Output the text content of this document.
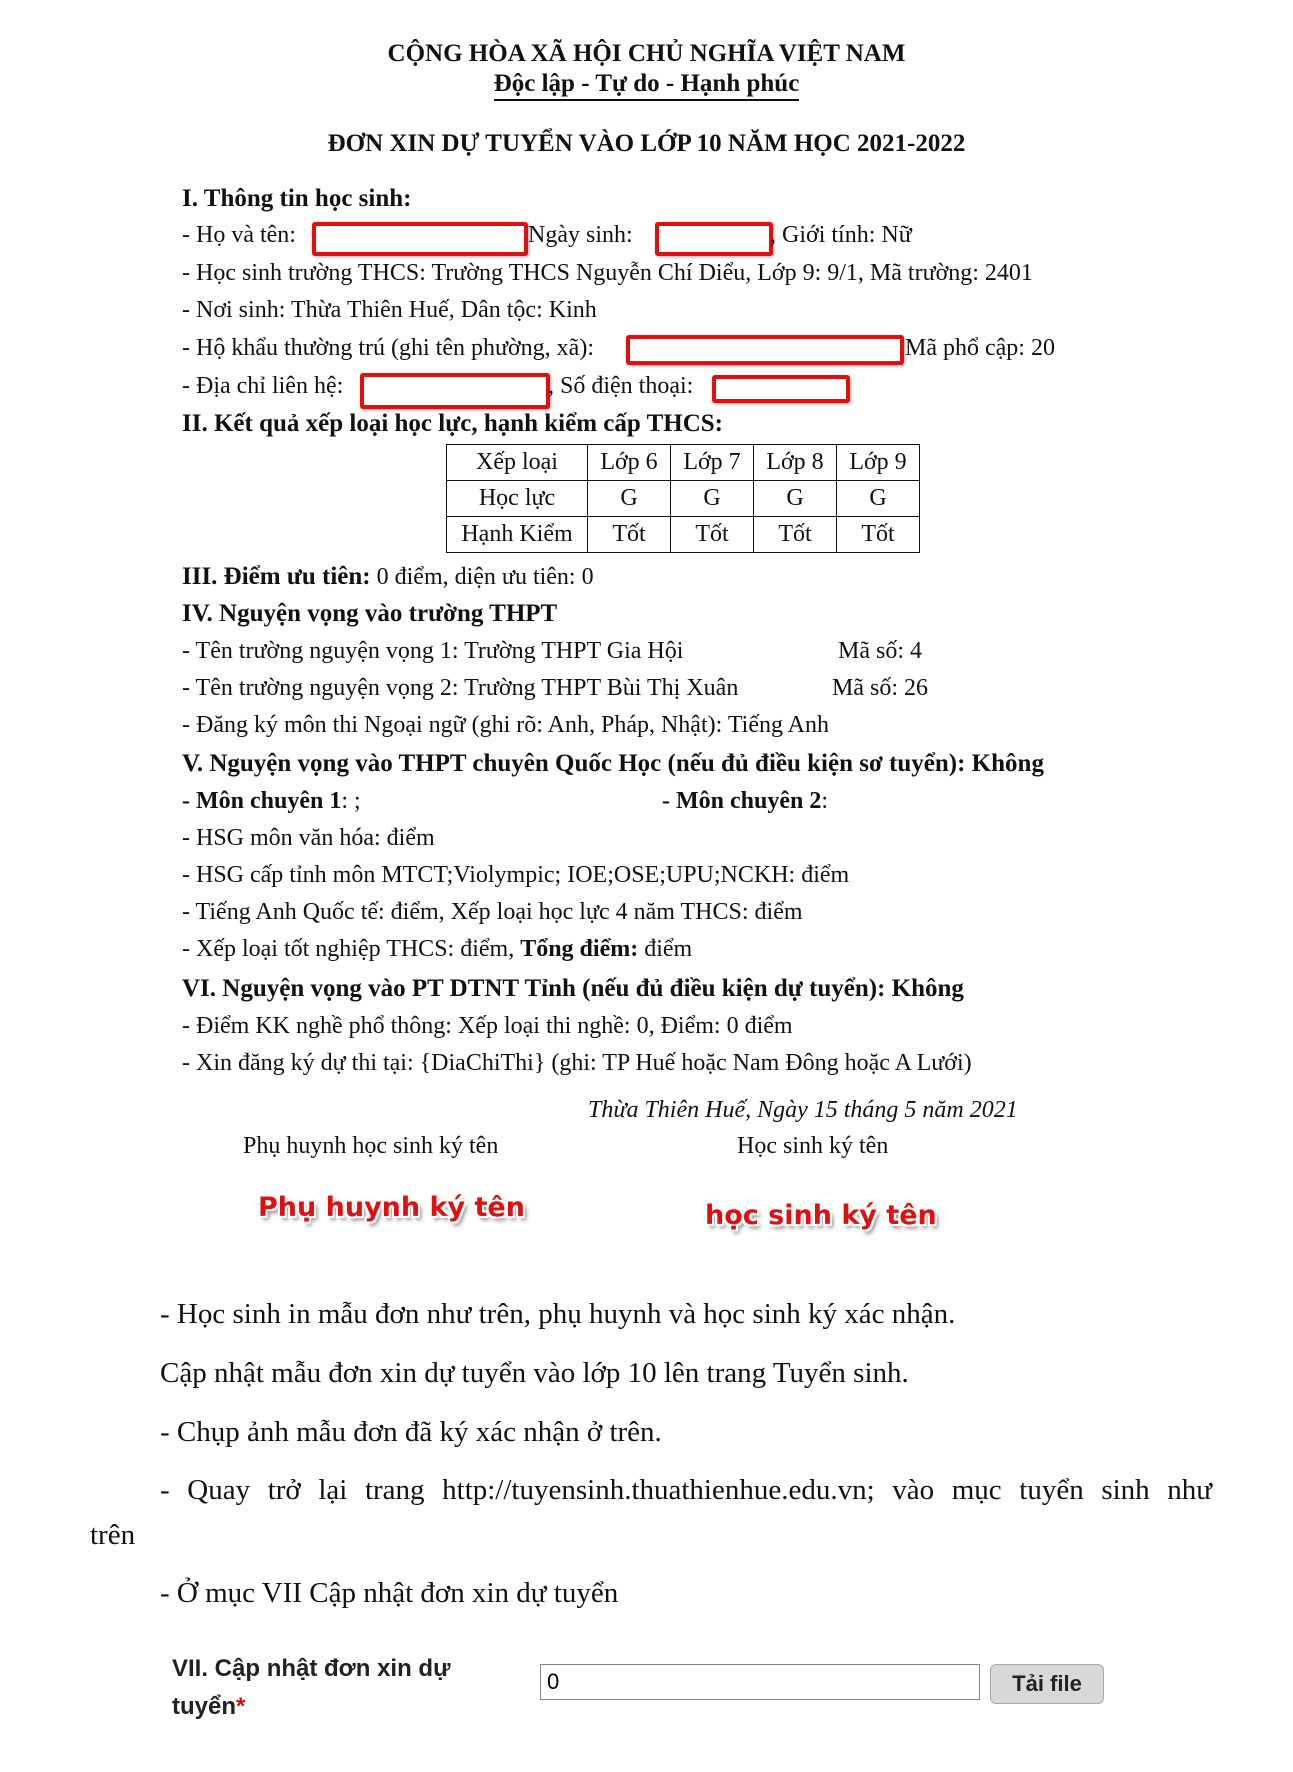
CỘNG HÒA XÃ HỘI CHỦ NGHĨA VIỆT NAM
Độc lập - Tự do - Hạnh phúc
ĐƠN XIN DỰ TUYỂN VÀO LỚP 10 NĂM HỌC 2021-2022
I. Thông tin học sinh:
- Họ và tên:	Ngày sinh:	, Giới tính: Nữ
- Học sinh trường THCS: Trường THCS Nguyễn Chí Diểu, Lớp 9: 9/1, Mã trường: 2401
- Nơi sinh: Thừa Thiên Huế, Dân tộc: Kinh
- Hộ khẩu thường trú (ghi tên phường, xã):	Mã phổ cập: 20
- Địa chỉ liên hệ:	, Số điện thoại:
II. Kết quả xếp loại học lực, hạnh kiểm cấp THCS:
Xếp loại	Lớp 6	Lớp 7	Lớp 8	Lớp 9
Học lực	G	G	G	G
Hạnh Kiểm	Tốt	Tốt	Tốt	Tốt
III. Điểm ưu tiên: 0 điểm, diện ưu tiên: 0
IV. Nguyện vọng vào trường THPT
- Tên trường nguyện vọng 1: Trường THPT Gia Hội	Mã số: 4
- Tên trường nguyện vọng 2: Trường THPT Bùi Thị Xuân	Mã số: 26
- Đăng ký môn thi Ngoại ngữ (ghi rõ: Anh, Pháp, Nhật): Tiếng Anh
V. Nguyện vọng vào THPT chuyên Quốc Học (nếu đủ điều kiện sơ tuyển): Không
- Môn chuyên 1: ;	- Môn chuyên 2:
- HSG môn văn hóa: điểm
- HSG cấp tỉnh môn MTCT;Violympic; IOE;OSE;UPU;NCKH: điểm
- Tiếng Anh Quốc tế: điểm, Xếp loại học lực 4 năm THCS: điểm
- Xếp loại tốt nghiệp THCS: điểm, Tổng điểm: điểm
VI. Nguyện vọng vào PT DTNT Tỉnh (nếu đủ điều kiện dự tuyển): Không
- Điểm KK nghề phổ thông: Xếp loại thi nghề: 0, Điểm: 0 điểm
- Xin đăng ký dự thi tại: {DiaChiThi} (ghi: TP Huế hoặc Nam Đông hoặc A Lưới)
Thừa Thiên Huế, Ngày 15 tháng 5 năm 2021
Phụ huynh học sinh ký tên	Học sinh ký tên
Phụ huynh ký tên	học sinh ký tên
- Học sinh in mẫu đơn như trên, phụ huynh và học sinh ký xác nhận.
Cập nhật mẫu đơn xin dự tuyển vào lớp 10 lên trang Tuyển sinh.
- Chụp ảnh mẫu đơn đã ký xác nhận ở trên.
- Quay trở lại trang http://tuyensinh.thuathienhue.edu.vn; vào mục tuyển sinh như
trên
- Ở mục VII Cập nhật đơn xin dự tuyển
VII. Cập nhật đơn xin dự tuyển*
0
Tải file
